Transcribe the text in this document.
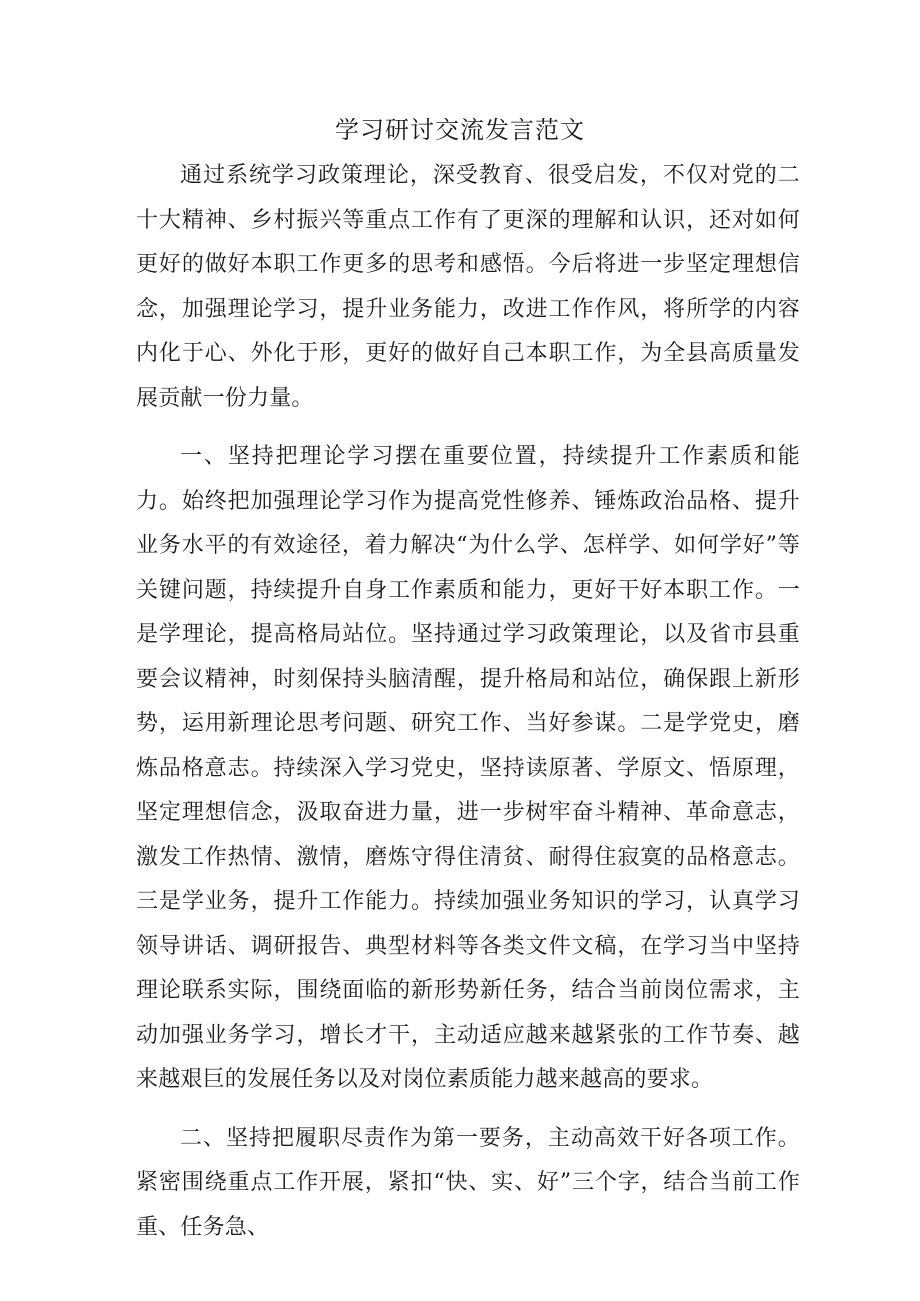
学习研讨交流发言范文

通过系统学习政策理论，深受教育、很受启发，不仅对党的二十大精神、乡村振兴等重点工作有了更深的理解和认识，还对如何更好的做好本职工作更多的思考和感悟。今后将进一步坚定理想信念，加强理论学习，提升业务能力，改进工作作风，将所学的内容内化于心、外化于形，更好的做好自己本职工作，为全县高质量发展贡献一份力量。

一、坚持把理论学习摆在重要位置，持续提升工作素质和能力。始终把加强理论学习作为提高党性修养、锤炼政治品格、提升业务水平的有效途径，着力解决“为什么学、怎样学、如何学好”等关键问题，持续提升自身工作素质和能力，更好干好本职工作。一是学理论，提高格局站位。坚持通过学习政策理论，以及省市县重要会议精神，时刻保持头脑清醒，提升格局和站位，确保跟上新形势，运用新理论思考问题、研究工作、当好参谋。二是学党史，磨炼品格意志。持续深入学习党史，坚持读原著、学原文、悟原理，坚定理想信念，汲取奋进力量，进一步树牢奋斗精神、革命意志，激发工作热情、激情，磨炼守得住清贫、耐得住寂寞的品格意志。三是学业务，提升工作能力。持续加强业务知识的学习，认真学习领导讲话、调研报告、典型材料等各类文件文稿，在学习当中坚持理论联系实际，围绕面临的新形势新任务，结合当前岗位需求，主动加强业务学习，增长才干，主动适应越来越紧张的工作节奏、越来越艰巨的发展任务以及对岗位素质能力越来越高的要求。

二、坚持把履职尽责作为第一要务，主动高效干好各项工作。紧密围绕重点工作开展，紧扣“快、实、好”三个字，结合当前工作重、任务急、
